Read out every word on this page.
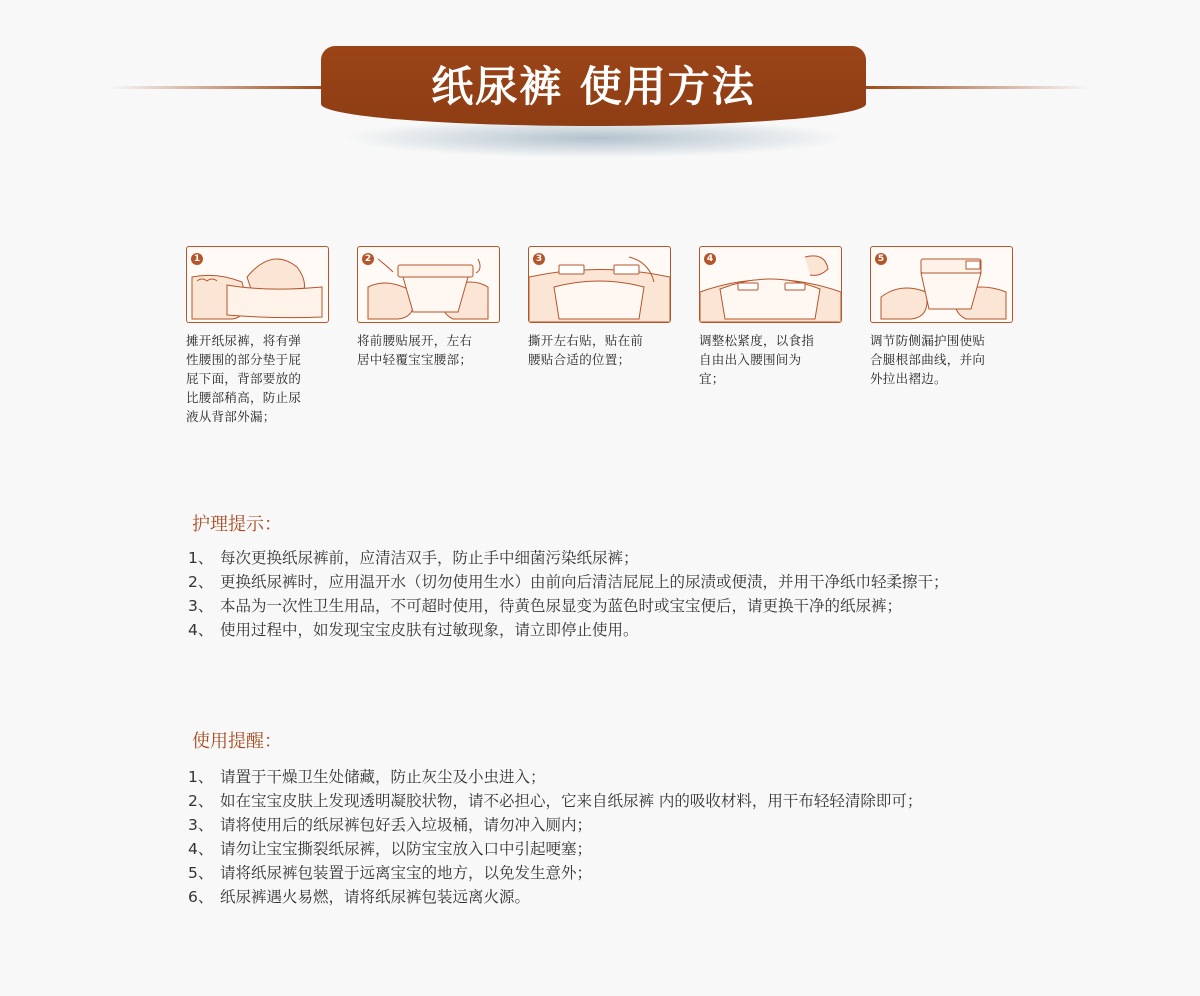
纸尿裤 使用方法
1
摊开纸尿裤，将有弹
性腰围的部分垫于屁
屁下面，背部要放的
比腰部稍高，防止尿
液从背部外漏；
2
将前腰贴展开，左右
居中轻覆宝宝腰部；
3
撕开左右贴，贴在前
腰贴合适的位置；
4
调整松紧度，以食指
自由出入腰围间为
宜；
5
调节防侧漏护围使贴
合腿根部曲线，并向
外拉出褶边。
护理提示：
1、 每次更换纸尿裤前，应清洁双手，防止手中细菌污染纸尿裤；
2、 更换纸尿裤时，应用温开水（切勿使用生水）由前向后清洁屁屁上的尿渍或便渍，并用干净纸巾轻柔擦干；
3、 本品为一次性卫生用品，不可超时使用，待黄色尿显变为蓝色时或宝宝便后，请更换干净的纸尿裤；
4、 使用过程中，如发现宝宝皮肤有过敏现象，请立即停止使用。
使用提醒：
1、 请置于干燥卫生处储藏，防止灰尘及小虫进入；
2、 如在宝宝皮肤上发现透明凝胶状物，请不必担心，它来自纸尿裤 内的吸收材料，用干布轻轻清除即可；
3、 请将使用后的纸尿裤包好丢入垃圾桶，请勿冲入厕内；
4、 请勿让宝宝撕裂纸尿裤，以防宝宝放入口中引起哽塞；
5、 请将纸尿裤包装置于远离宝宝的地方，以免发生意外；
6、 纸尿裤遇火易燃，请将纸尿裤包装远离火源。
